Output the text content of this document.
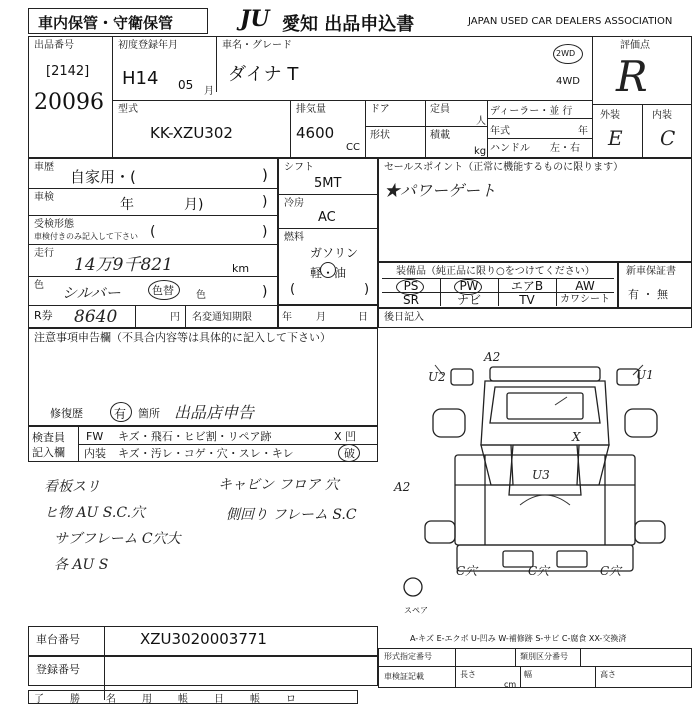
車内保管・守衛保管	JU 愛知 出品申込書	JAPAN USED CAR DEALERS ASSOCIATION
出品番号
[2142]
20096
初度登録年月
H14 05 月
車名・グレード
ダイナ T
2WD
4WD
評価点
R
外装	内装
E C
型式
KK-XZU302
排気量
4600
CC
ドア
形状
定員
人
積載
kg
ディーラー・並 行
年式	年
ハンドル 左・右
車歴
自家用・(	)
車検	年	月)	)
受検形態
車検付きのみ記入して下さい (	)
走行
14万9千821	km
色 シルバー	色替 色	)
R券 8640	円 名変通知期限	年 月	日
シフト
5MT
冷房
AC
燃料
ガソリン
軽・油
(	)
セールスポイント（正常に機能するものに限ります）
★パワーゲート
装備品（純正品に限り○をつけてください）
PS	PW	エアB	AW
SR	ナビ	TV	カワシート
新車保証書
有 ・ 無
後日記入
注意事項申告欄（不具合内容等は具体的に記入して下さい）
修復歴	有 箇所 出品店申告
検査員
記入欄
FW キズ・飛石・ヒビ割・リペア跡	X 凹
内装 キズ・汚レ・コゲ・穴・スレ・キレ	破
看板スリ
ヒ物 AU S.C.穴
サブフレーム C穴大
各 AU S
キャビン フロア 穴
側回り フレーム S.C
A2
U2	U1
U3
A2
X
C穴	C穴	C穴
スペア
A-キズ E-エクボ U-凹み W-補修跡 S-サビ C-腐食 XX-交換済
車台番号	XZU3020003771
登録番号
形式指定番号	類別区分番号
車検証記載	長さ	幅	高さ
cm
了	勝	名	用	帳	日	帳	ロ
